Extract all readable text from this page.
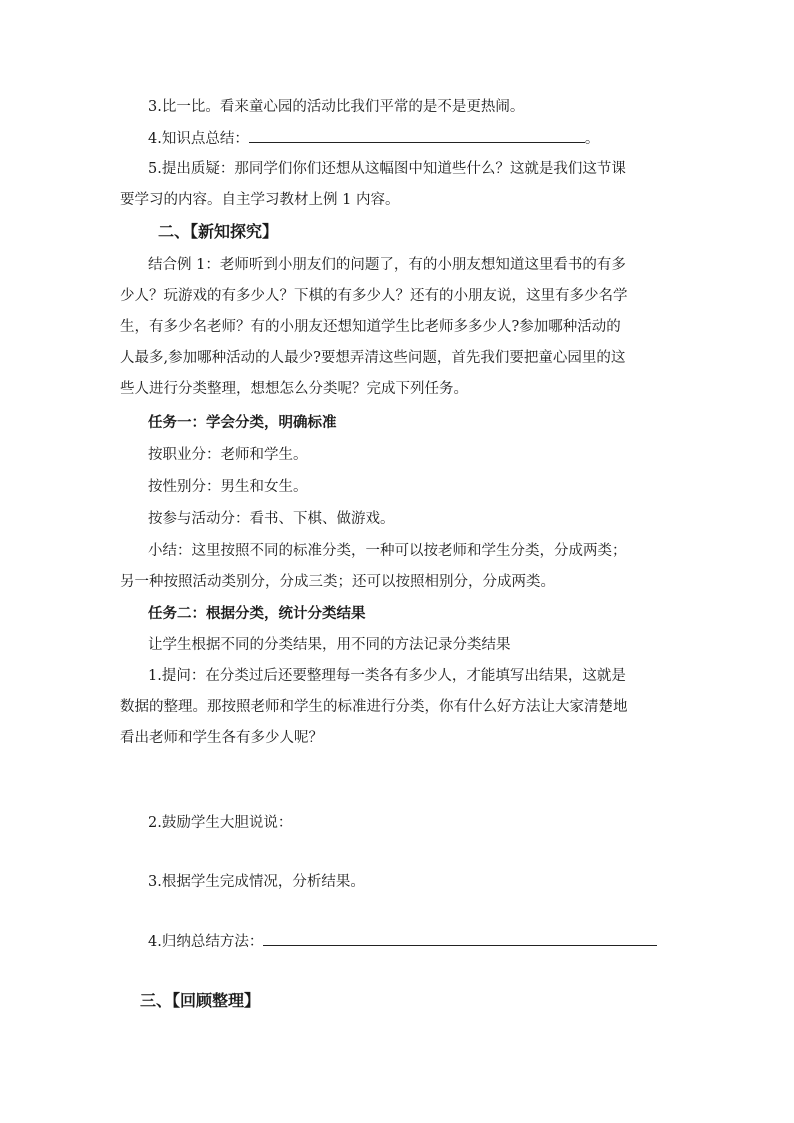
3.比一比。看来童心园的活动比我们平常的是不是更热闹。
4.知识点总结：	。
5.提出质疑：那同学们你们还想从这幅图中知道些什么？这就是我们这节课
要学习的内容。自主学习教材上例 1 内容。
二、【新知探究】
结合例 1：老师听到小朋友们的问题了，有的小朋友想知道这里看书的有多
少人？玩游戏的有多少人？下棋的有多少人？还有的小朋友说，这里有多少名学
生，有多少名老师？有的小朋友还想知道学生比老师多多少人?参加哪种活动的
人最多,参加哪种活动的人最少?要想弄清这些问题，首先我们要把童心园里的这
些人进行分类整理，想想怎么分类呢？完成下列任务。
任务一：学会分类，明确标准
按职业分：老师和学生。
按性别分：男生和女生。
按参与活动分：看书、下棋、做游戏。
小结：这里按照不同的标准分类，一种可以按老师和学生分类，分成两类；
另一种按照活动类别分，分成三类；还可以按照相别分，分成两类。
任务二：根据分类，统计分类结果
让学生根据不同的分类结果，用不同的方法记录分类结果
1.提问：在分类过后还要整理每一类各有多少人，才能填写出结果，这就是
数据的整理。那按照老师和学生的标准进行分类，你有什么好方法让大家清楚地
看出老师和学生各有多少人呢？
2.鼓励学生大胆说说：
3.根据学生完成情况，分析结果。
4.归纳总结方法：
三、【回顾整理】
